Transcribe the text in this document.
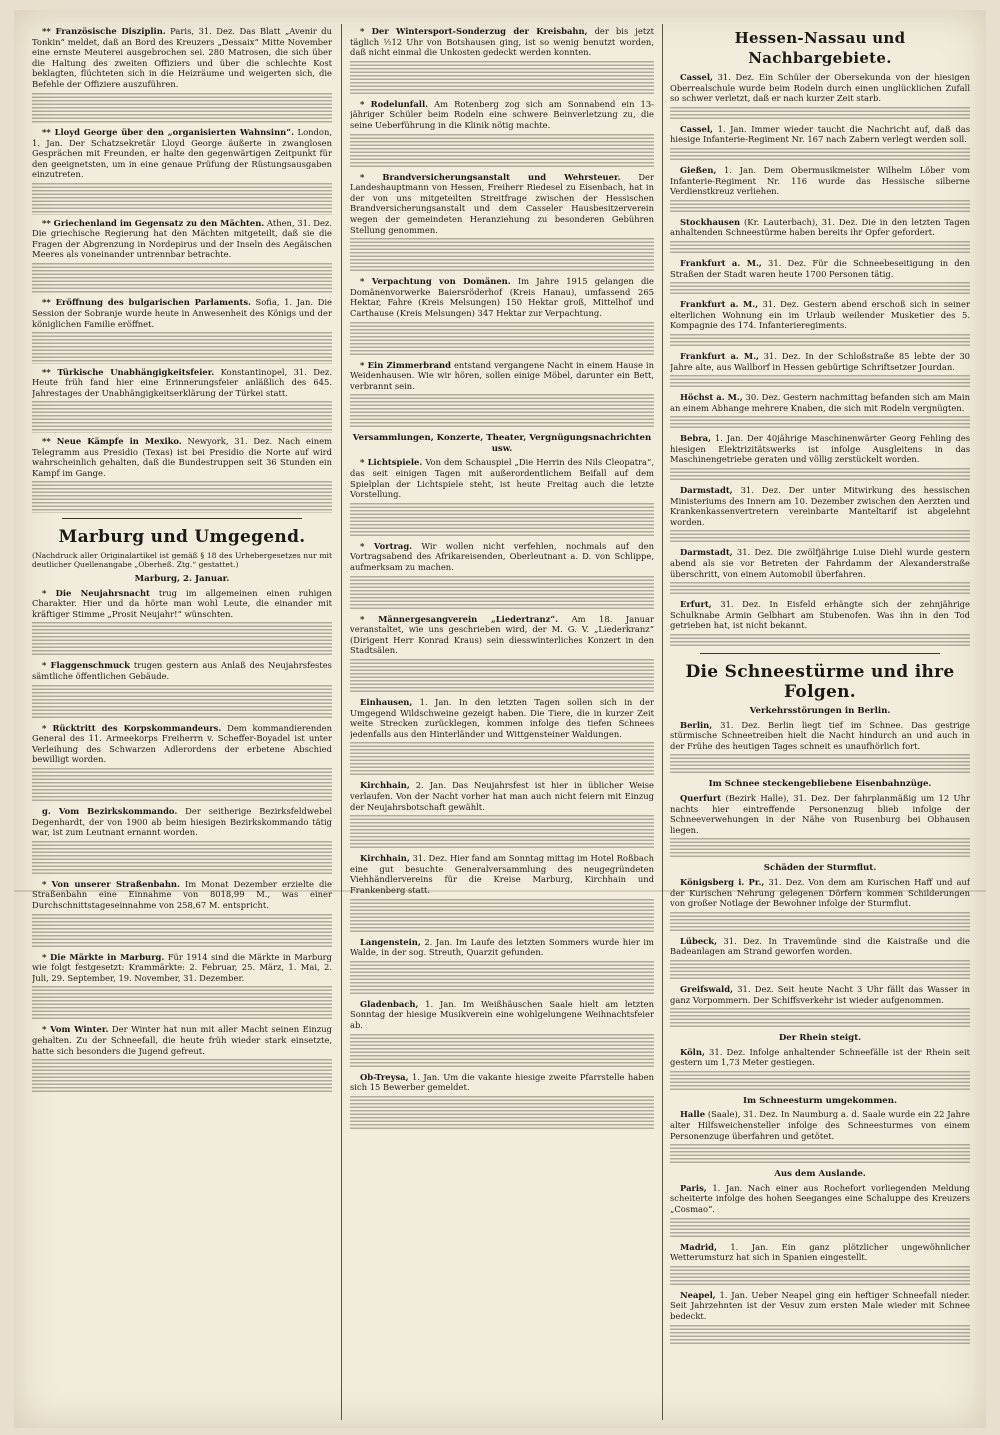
** Französische Disziplin. Paris, 31. Dez. Das Blatt „Avenir du Tonkin“ meldet, daß an Bord des Kreuzers „Dessaix“ Mitte November eine ernste Meuterei ausgebrochen sei. 280 Matrosen, die sich über die Haltung des zweiten Offiziers und über die schlechte Kost beklagten, flüchteten sich in die Heizräume und weigerten sich, die Befehle der Offiziere auszuführen.

** Lloyd George über den „organisierten Wahnsinn“. London, 1. Jan. Der Schatzsekretär Lloyd George äußerte in zwanglosen Gesprächen mit Freunden, er halte den gegenwärtigen Zeitpunkt für den geeignetsten, um in eine genaue Prüfung der Rüstungsausgaben einzutreten.

** Griechenland im Gegensatz zu den Mächten. Athen, 31. Dez. Die griechische Regierung hat den Mächten mitgeteilt, daß sie die Fragen der Abgrenzung in Nordepirus und der Inseln des Aegäischen Meeres als voneinander untrennbar betrachte.

** Eröffnung des bulgarischen Parlaments. Sofia, 1. Jan. Die Session der Sobranje wurde heute in Anwesenheit des Königs und der königlichen Familie eröffnet.

** Türkische Unabhängigkeitsfeier. Konstantinopel, 31. Dez. Heute früh fand hier eine Erinnerungsfeier anläßlich des 645. Jahrestages der Unabhängigkeitserklärung der Türkei statt.

** Neue Kämpfe in Mexiko. Newyork, 31. Dez. Nach einem Telegramm aus Presidio (Texas) ist bei Presidio die Norte auf wird wahrscheinlich gehalten, daß die Bundestruppen seit 36 Stunden ein Kampf im Gange.

Marburg und Umgegend.

(Nachdruck aller Originalartikel ist gemäß § 18 des Urhebergesetzes nur mit deutlicher Quellenangabe „Oberheß. Ztg.“ gestattet.)

Marburg, 2. Januar.

* Die Neujahrsnacht trug im allgemeinen einen ruhigen Charakter. Hier und da hörte man wohl Leute, die einander mit kräftiger Stimme „Prosit Neujahr!“ wünschten.

* Flaggenschmuck trugen gestern aus Anlaß des Neujahrsfestes sämtliche öffentlichen Gebäude.

* Rücktritt des Korpskommandeurs. Dem kommandierenden General des 11. Armeekorps Freiherrn v. Scheffer-Boyadel ist unter Verleihung des Schwarzen Adlerordens der erbetene Abschied bewilligt worden.

g. Vom Bezirkskommando. Der seitherige Bezirksfeldwebel Degenhardt, der von 1900 ab beim hiesigen Bezirkskommando tätig war, ist zum Leutnant ernannt worden.

* Von unserer Straßenbahn. Im Monat Dezember erzielte die Straßenbahn eine Einnahme von 8018,99 M., was einer Durchschnittstageseinnahme von 258,67 M. entspricht.

* Die Märkte in Marburg. Für 1914 sind die Märkte in Marburg wie folgt festgesetzt: Krammärkte: 2. Februar, 25. März, 1. Mai, 2. Juli, 29. September, 19. November, 31. Dezember.

* Vom Winter. Der Winter hat nun mit aller Macht seinen Einzug gehalten. Zu der Schneefall, die heute früh wieder stark einsetzte, hatte sich besonders die Jugend gefreut.

* Der Wintersport-Sonderzug der Kreisbahn, der bis jetzt täglich ½12 Uhr von Botshausen ging, ist so wenig benutzt worden, daß nicht einmal die Unkosten gedeckt werden konnten.

* Rodelunfall. Am Rotenberg zog sich am Sonnabend ein 13-jähriger Schüler beim Rodeln eine schwere Beinverletzung zu, die seine Ueberführung in die Klinik nötig machte.

* Brandversicherungsanstalt und Wehrsteuer. Der Landeshauptmann von Hessen, Freiherr Riedesel zu Eisenbach, hat in der von uns mitgeteilten Streitfrage zwischen der Hessischen Brandversicherungsanstalt und dem Casseler Hausbesitzerverein wegen der gemeindeten Heranziehung zu besonderen Gebühren Stellung genommen.

* Verpachtung von Domänen. Im Jahre 1915 gelangen die Domänenvorwerke Baiersröderhof (Kreis Hanau), umfassend 265 Hektar, Fahre (Kreis Melsungen) 150 Hektar groß, Mittelhof und Carthause (Kreis Melsungen) 347 Hektar zur Verpachtung.

* Ein Zimmerbrand entstand vergangene Nacht in einem Hause in Weidenhausen. Wie wir hören, sollen einige Möbel, darunter ein Bett, verbrannt sein.

Versammlungen, Konzerte, Theater, Vergnügungsnachrichten usw.

* Lichtspiele. Von dem Schauspiel „Die Herrin des Nils Cleopatra“, das seit einigen Tagen mit außerordentlichem Beifall auf dem Spielplan der Lichtspiele steht, ist heute Freitag auch die letzte Vorstellung.

* Vortrag. Wir wollen nicht verfehlen, nochmals auf den Vortragsabend des Afrikareisenden, Oberleutnant a. D. von Schlippe, aufmerksam zu machen.

* Männergesangverein „Liedertranz“. Am 18. Januar veranstaltet, wie uns geschrieben wird, der M. G. V. „Liederkranz“ (Dirigent Herr Konrad Kraus) sein diesswinterliches Konzert in den Stadtsälen.

Einhausen, 1. Jan. In den letzten Tagen sollen sich in der Umgegend Wildschweine gezeigt haben. Die Tiere, die in kurzer Zeit weite Strecken zurücklegen, kommen infolge des tiefen Schnees jedenfalls aus den Hinterländer und Wittgensteiner Waldungen.

Kirchhain, 2. Jan. Das Neujahrsfest ist hier in üblicher Weise verlaufen. Von der Nacht vorher hat man auch nicht feiern mit Einzug der Neujahrsbotschaft gewählt.

Kirchhain, 31. Dez. Hier fand am Sonntag mittag im Hotel Roßbach eine gut besuchte Generalversammlung des neugegründeten Viehhändlervereins für die Kreise Marburg, Kirchhain und Frankenberg statt.

Langenstein, 2. Jan. Im Laufe des letzten Sommers wurde hier im Walde, in der sog. Streuth, Quarzit gefunden.

Gladenbach, 1. Jan. Im Weißhäuschen Saale hielt am letzten Sonntag der hiesige Musikverein eine wohlgelungene Weihnachtsfeier ab.

Ob-Treysa, 1. Jan. Um die vakante hiesige zweite Pfarrstelle haben sich 15 Bewerber gemeldet.

Hessen-Nassau und Nachbargebiete.

Cassel, 31. Dez. Ein Schüler der Obersekunda von der hiesigen Oberrealschule wurde beim Rodeln durch einen unglücklichen Zufall so schwer verletzt, daß er nach kurzer Zeit starb.

Cassel, 1. Jan. Immer wieder taucht die Nachricht auf, daß das hiesige Infanterie-Regiment Nr. 167 nach Zabern verlegt werden soll.

Gießen, 1. Jan. Dem Obermusikmeister Wilhelm Löber vom Infanterie-Regiment Nr. 116 wurde das Hessische silberne Verdienstkreuz verliehen.

Stockhausen (Kr. Lauterbach), 31. Dez. Die in den letzten Tagen anhaltenden Schneestürme haben bereits ihr Opfer gefordert.

Frankfurt a. M., 31. Dez. Für die Schneebeseitigung in den Straßen der Stadt waren heute 1700 Personen tätig.

Frankfurt a. M., 31. Dez. Gestern abend erschoß sich in seiner elterlichen Wohnung ein im Urlaub weilender Musketier des 5. Kompagnie des 174. Infanterieregiments.

Frankfurt a. M., 31. Dez. In der Schloßstraße 85 lebte der 30 Jahre alte, aus Wallborf in Hessen gebürtige Schriftsetzer Jourdan.

Höchst a. M., 30. Dez. Gestern nachmittag befanden sich am Main an einem Abhange mehrere Knaben, die sich mit Rodeln vergnügten.

Bebra, 1. Jan. Der 40jährige Maschinenwärter Georg Fehling des hiesigen Elektrizitätswerks ist infolge Ausgleitens in das Maschinengetriebe geraten und völlig zerstückelt worden.

Darmstadt, 31. Dez. Der unter Mitwirkung des hessischen Ministeriums des Innern am 10. Dezember zwischen den Aerzten und Krankenkassenvertretern vereinbarte Manteltarif ist abgelehnt worden.

Darmstadt, 31. Dez. Die zwölfjährige Luise Diehl wurde gestern abend als sie vor Betreten der Fahrdamm der Alexanderstraße überschritt, von einem Automobil überfahren.

Erfurt, 31. Dez. In Eisfeld erhängte sich der zehnjährige Schulknabe Armin Gelbhart am Stubenofen. Was ihn in den Tod getrieben hat, ist nicht bekannt.

Die Schneestürme und ihre Folgen.
Verkehrsstörungen in Berlin.

Berlin, 31. Dez. Berlin liegt tief im Schnee. Das gestrige stürmische Schneetreiben hielt die Nacht hindurch an und auch in der Frühe des heutigen Tages schneit es unaufhörlich fort.

Im Schnee steckengebliebene Eisenbahnzüge.

Querfurt (Bezirk Halle), 31. Dez. Der fahrplanmäßig um 12 Uhr nachts hier eintreffende Personenzug blieb infolge der Schneeverwehungen in der Nähe von Rusenburg bei Obhausen liegen.

Schäden der Sturmflut.

Königsberg i. Pr., 31. Dez. Von dem am Kurischen Haff und auf der Kurischen Nehrung gelegenen Dörfern kommen Schilderungen von großer Notlage der Bewohner infolge der Sturmflut.

Lübeck, 31. Dez. In Travemünde sind die Kaistraße und die Badeanlagen am Strand geworfen worden.

Greifswald, 31. Dez. Seit heute Nacht 3 Uhr fällt das Wasser in ganz Vorpommern. Der Schiffsverkehr ist wieder aufgenommen.

Der Rhein steigt.

Köln, 31. Dez. Infolge anhaltender Schneefälle ist der Rhein seit gestern um 1,73 Meter gestiegen.

Im Schneesturm umgekommen.

Halle (Saale), 31. Dez. In Naumburg a. d. Saale wurde ein 22 Jahre alter Hilfsweichensteller infolge des Schneesturmes von einem Personenzuge überfahren und getötet.

Aus dem Auslande.

Paris, 1. Jan. Nach einer aus Rochefort vorliegenden Meldung scheiterte infolge des hohen Seeganges eine Schaluppe des Kreuzers „Cosmao“.

Madrid, 1. Jan. Ein ganz plötzlicher ungewöhnlicher Wetterumsturz hat sich in Spanien eingestellt.

Neapel, 1. Jan. Ueber Neapel ging ein heftiger Schneefall nieder. Seit Jahrzehnten ist der Vesuv zum ersten Male wieder mit Schnee bedeckt.
